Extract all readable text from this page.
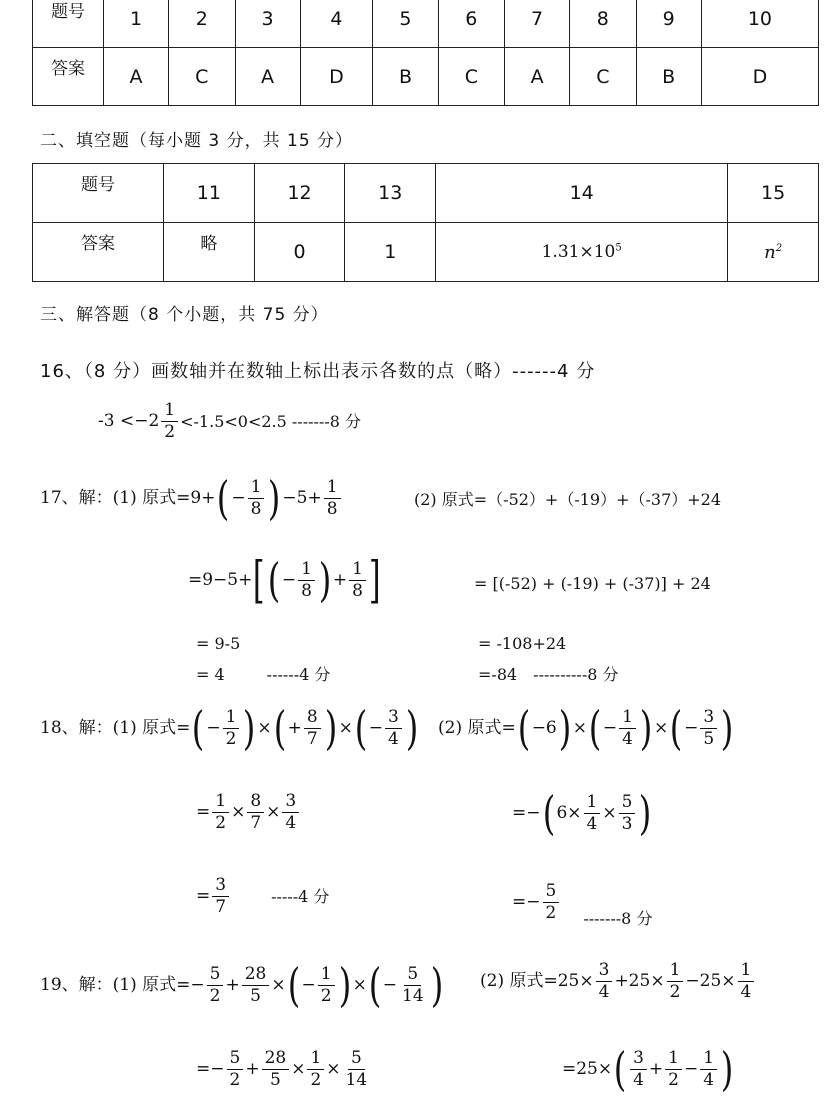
题号	1	2	3	4	5	6	7	8	9	10
答案	A	C	A	D	B	C	A	C	B	D
二、填空题（每小题 3 分，共 15 分）
题号	11	12	13	14	15
答案	略	0	1	$1.31\times 10^5$	$n^2$
三、解答题（8 个小题，共 75 分）
16、（8 分）画数轴并在数轴上标出表示各数的点（略）------4 分
$-3 <-2 \frac{1}{2} <-1.5<0<2.5$ -------8 分
17、解：(1) 原式=9+ ( − $\frac{1}{8}$ ) $-5+ \frac{1}{8}$	(2) 原式=（-52）+（-19）+（-37）+24
=9−5+ [ ( − $\frac{1}{8}$ ) + $\frac{1}{8}$ ]	= [(-52) + (-19) + (-37)] + 24
= 9-5	= -108+24
= 4	------4 分	=-84 ----------8 分
18、解：(1) 原式= ( − $\frac{1}{2}$ ) × ( + $\frac{8}{7}$ ) × ( − $\frac{3}{4}$ ) (2) 原式= ( −6 ) × ( − $\frac{1}{4}$ ) × ( − $\frac{3}{5}$ )
= $\frac{1}{2} \times \frac{8}{7} \times \frac{3}{4}$	=− ( $6\times \frac{1}{4} \times \frac{5}{3}$ )
= $\frac{3}{7}$	-----4 分	=− $\frac{5}{2} -------8$ 分
19、解：(1) 原式=− $\frac{5}{2} + \frac{28}{5}$ × ( − $\frac{1}{2}$ ) × ( − $\frac{5}{14}$ ) (2) 原式$=25\times \frac{3}{4} +25\times \frac{1}{2} -25\times \frac{1}{4}$
=− $\frac{5}{2} + \frac{28}{5} \times \frac{1}{2} \times \frac{5}{14}$	=25× ( $\frac{3}{4} + \frac{1}{2} - \frac{1}{4}$ )
